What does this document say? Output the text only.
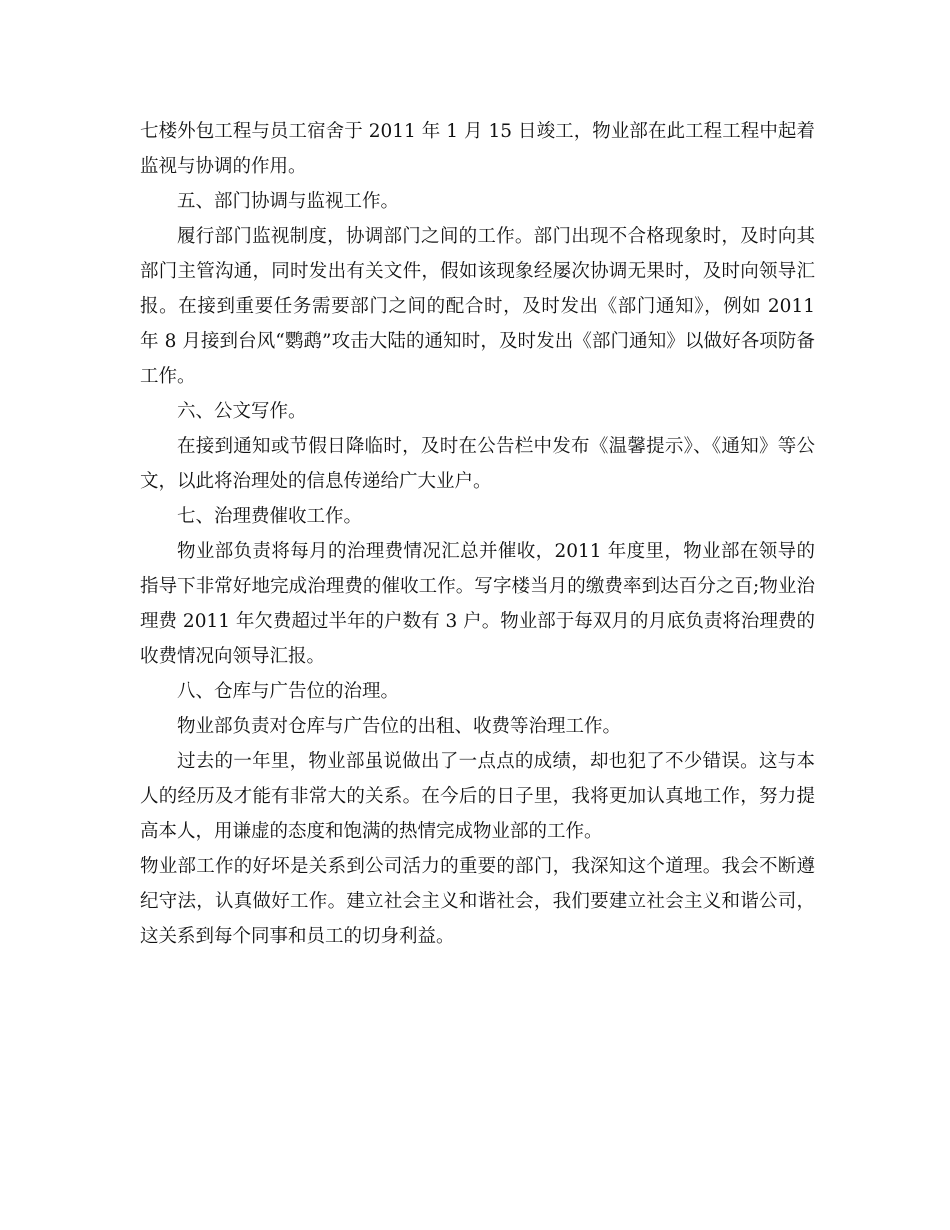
七楼外包工程与员工宿舍于 2011 年 1 月 15 日竣工，物业部在此工程工程中起着监视与协调的作用。

五、部门协调与监视工作。

履行部门监视制度，协调部门之间的工作。部门出现不合格现象时，及时向其部门主管沟通，同时发出有关文件，假如该现象经屡次协调无果时，及时向领导汇报。在接到重要任务需要部门之间的配合时，及时发出《部门通知》，例如 2011 年 8 月接到台风“鹦鹉”攻击大陆的通知时，及时发出《部门通知》以做好各项防备工作。

六、公文写作。

在接到通知或节假日降临时，及时在公告栏中发布《温馨提示》、《通知》等公文，以此将治理处的信息传递给广大业户。

七、治理费催收工作。

物业部负责将每月的治理费情况汇总并催收，2011 年度里，物业部在领导的指导下非常好地完成治理费的催收工作。写字楼当月的缴费率到达百分之百;物业治理费 2011 年欠费超过半年的户数有 3 户。物业部于每双月的月底负责将治理费的收费情况向领导汇报。

八、仓库与广告位的治理。

物业部负责对仓库与广告位的出租、收费等治理工作。

过去的一年里，物业部虽说做出了一点点的成绩，却也犯了不少错误。这与本人的经历及才能有非常大的关系。在今后的日子里，我将更加认真地工作，努力提高本人，用谦虚的态度和饱满的热情完成物业部的工作。

物业部工作的好坏是关系到公司活力的重要的部门，我深知这个道理。我会不断遵纪守法，认真做好工作。建立社会主义和谐社会，我们要建立社会主义和谐公司，这关系到每个同事和员工的切身利益。
